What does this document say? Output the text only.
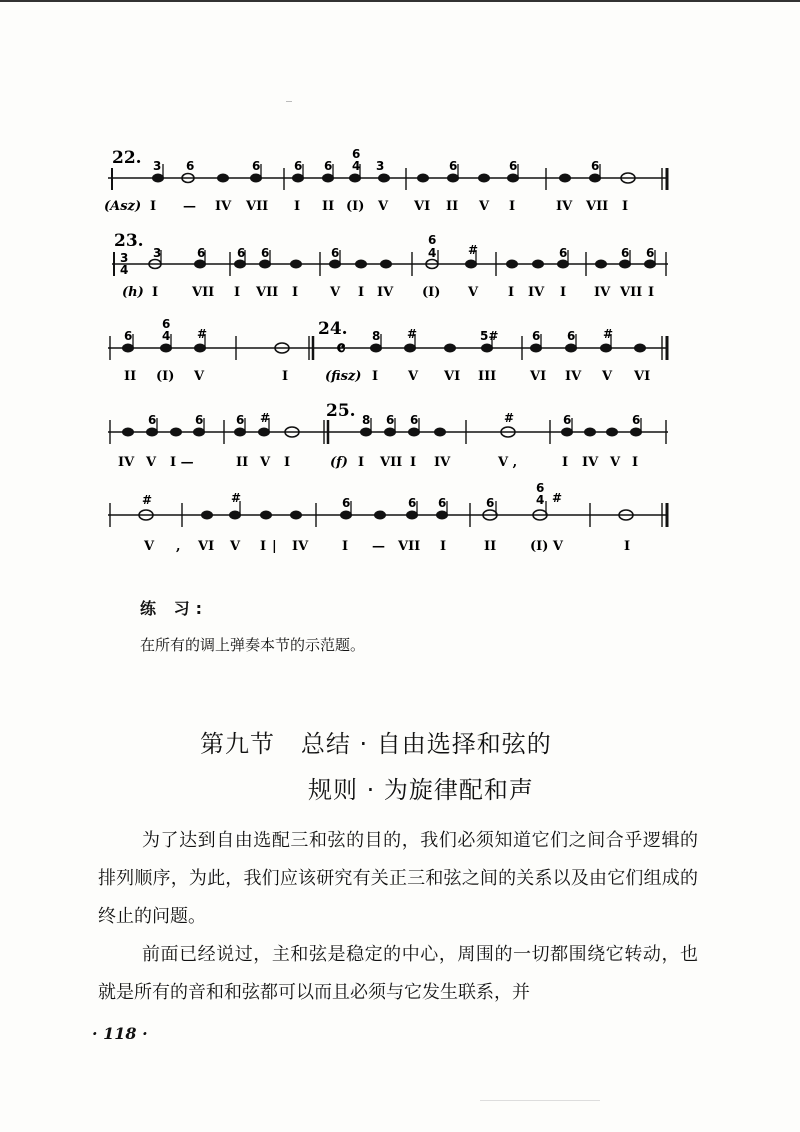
22.
(Asz)
3 6	6	6 6
6
4 3	6	6	6
I — IV VII I II (I) V VI II V I	IV VII I
23.
3
4
(h)
3	6	6 6	6
6
4	#	6	6 6
I	VII I VII I V I IV (I) V I IV I IV VII I
24.
𝄴
(fisz)
6
6
4 #	8 #	5#	6 6 #
II (I) V	I	I V VI III	VI IV V VI
25.
(f)
6	6	6 #	8 6 6	#	6	6
IV V I —	II V I	I VII I IV	V ,	I IV V I
#	#	6	6 6	6
6
4 #
V , VI V I | IV	I — VII I	II	(I) V	I
练 习:
在所有的调上弹奏本节的示范题。
第九节   总结 · 自由选择和弦的
规则 · 为旋律配和声
为了达到自由选配三和弦的目的，我们必须知道它们之间合乎逻辑的排列顺序，为此，我们应该研究有关正三和弦之间的关系以及由它们组成的终止的问题。
前面已经说过，主和弦是稳定的中心，周围的一切都围绕它转动，也就是所有的音和和弦都可以而且必须与它发生联系，并
· 118 ·
